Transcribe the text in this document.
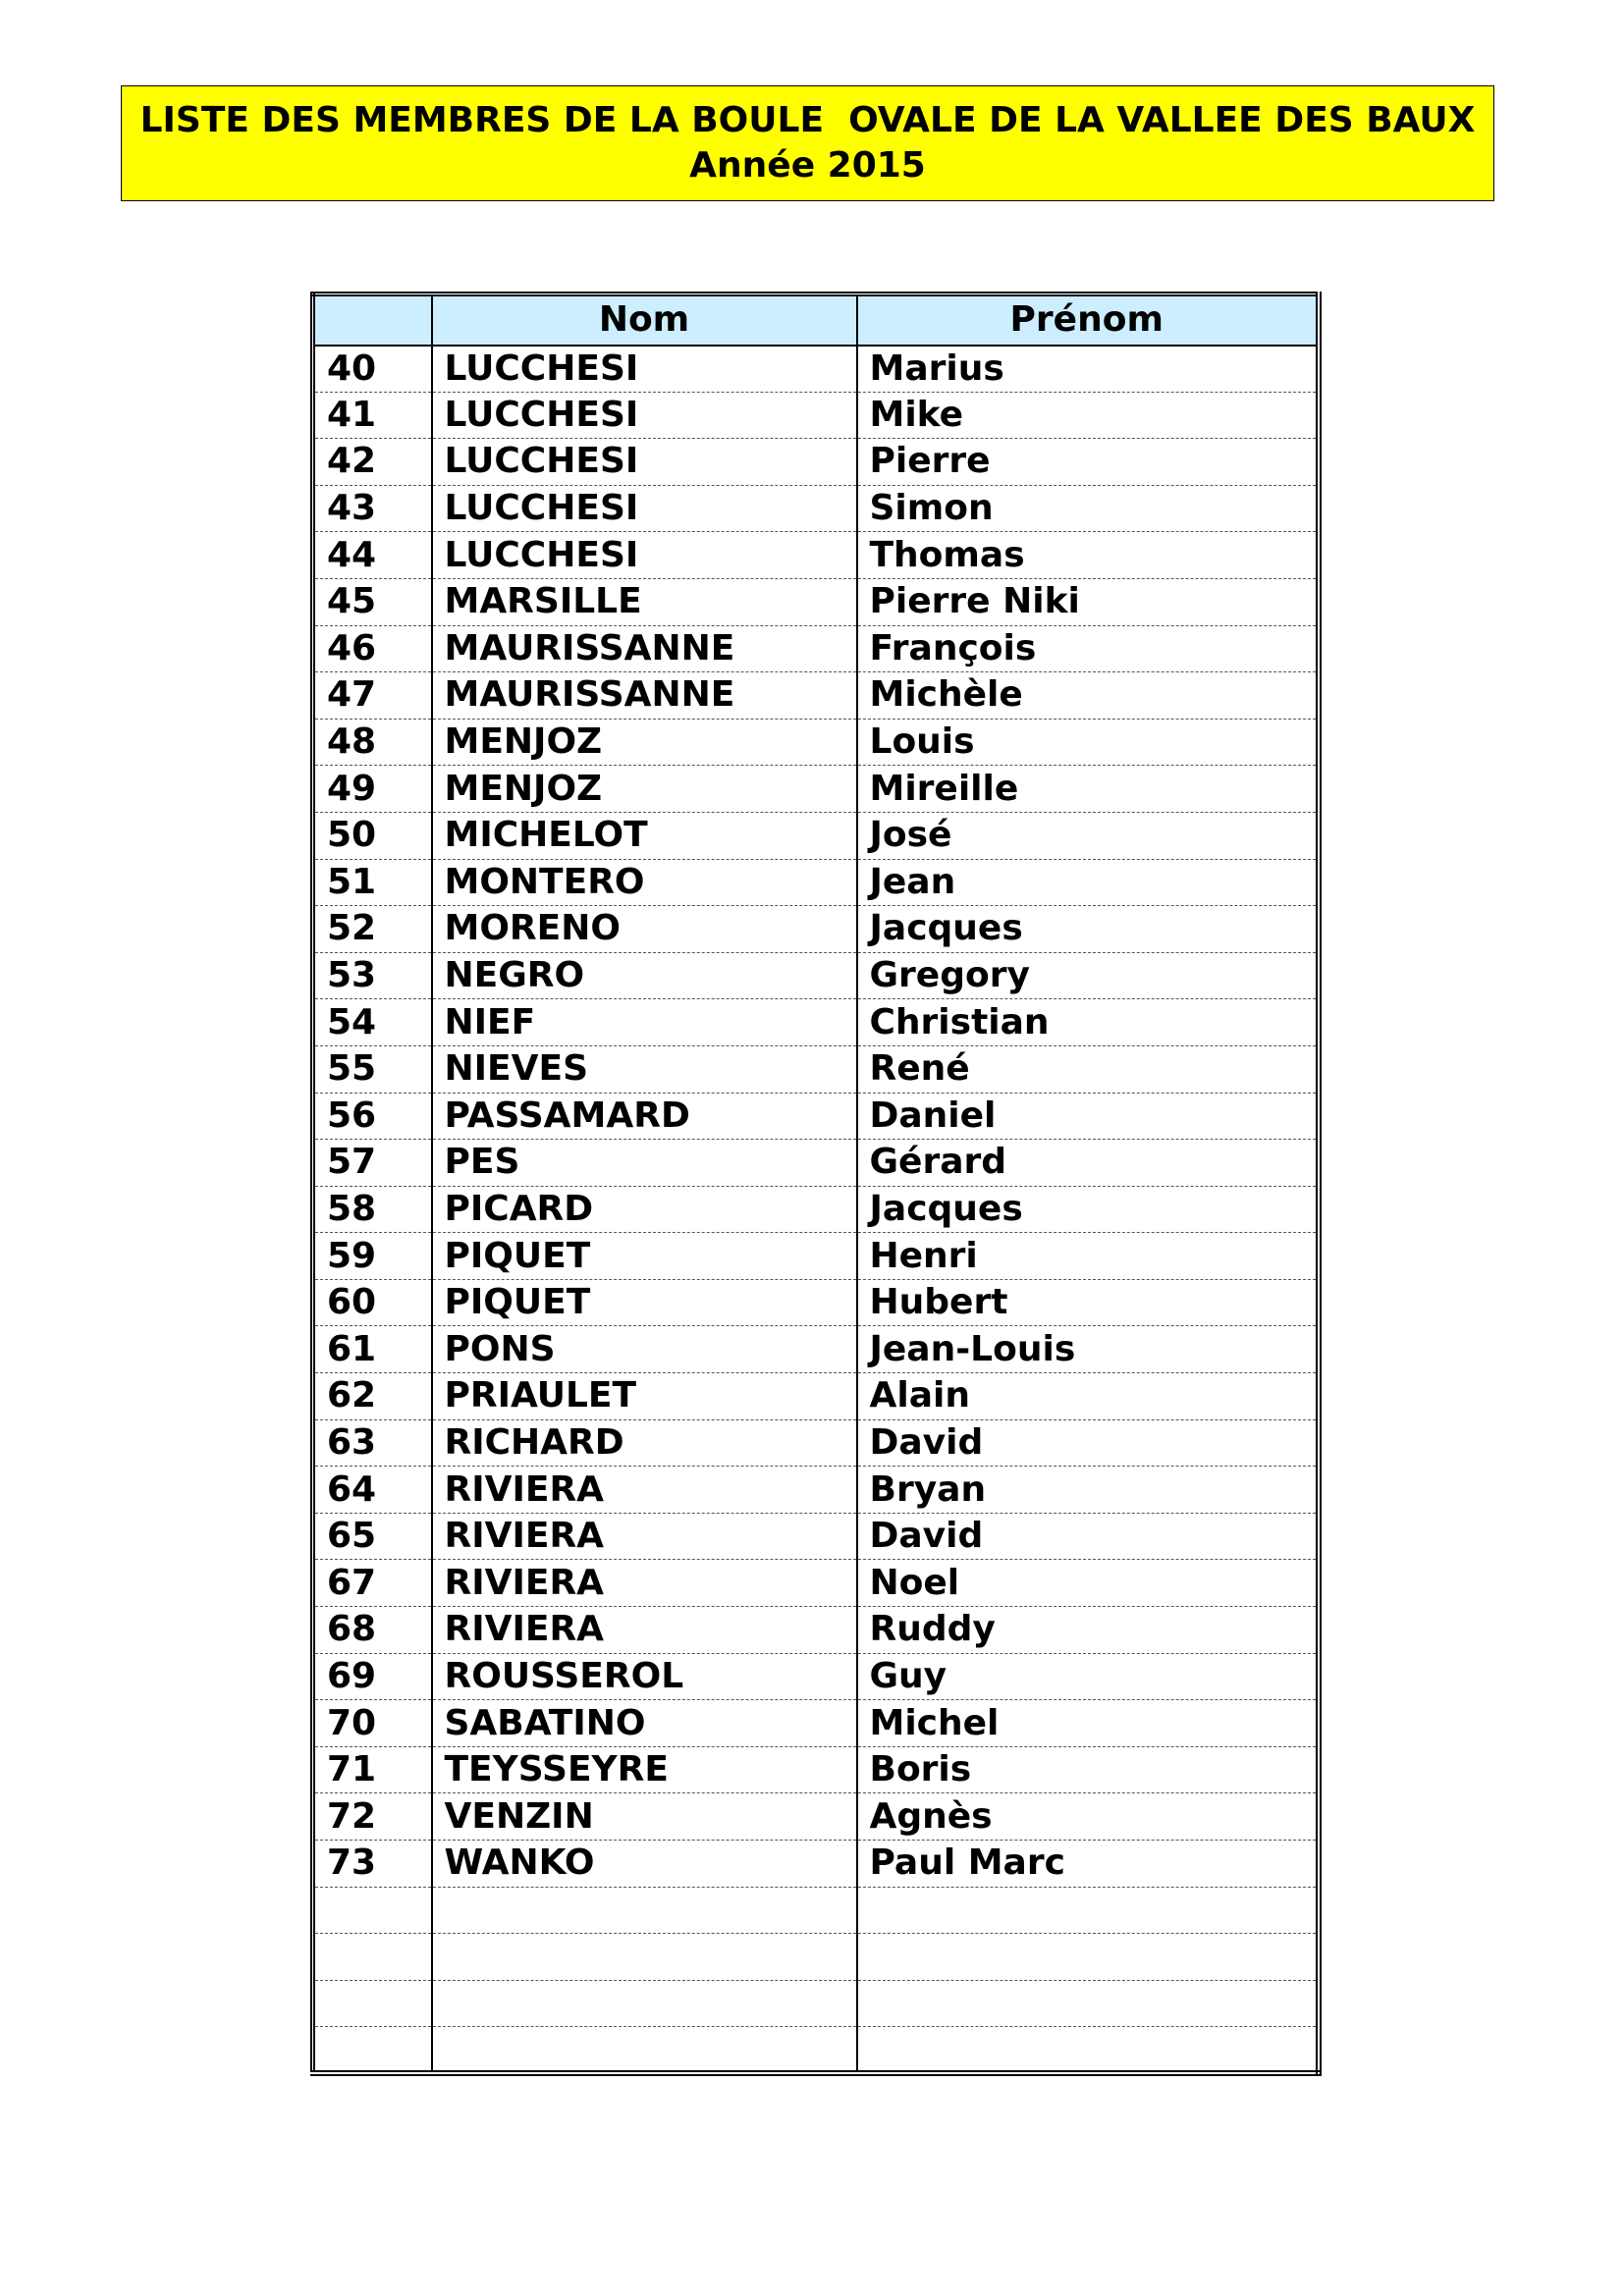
LISTE DES MEMBRES DE LA BOULE  OVALE DE LA VALLEE DES BAUX
Année 2015
	Nom	Prénom
40	LUCCHESI	Marius
41	LUCCHESI	Mike
42	LUCCHESI	Pierre
43	LUCCHESI	Simon
44	LUCCHESI	Thomas
45	MARSILLE	Pierre Niki
46	MAURISSANNE	François
47	MAURISSANNE	Michèle
48	MENJOZ	Louis
49	MENJOZ	Mireille
50	MICHELOT	José
51	MONTERO	Jean
52	MORENO	Jacques
53	NEGRO	Gregory
54	NIEF	Christian
55	NIEVES	René
56	PASSAMARD	Daniel
57	PES	Gérard
58	PICARD	Jacques
59	PIQUET	Henri
60	PIQUET	Hubert
61	PONS	Jean-Louis
62	PRIAULET	Alain
63	RICHARD	David
64	RIVIERA	Bryan
65	RIVIERA	David
67	RIVIERA	Noel
68	RIVIERA	Ruddy
69	ROUSSEROL	Guy
70	SABATINO	Michel
71	TEYSSEYRE	Boris
72	VENZIN	Agnès
73	WANKO	Paul Marc
